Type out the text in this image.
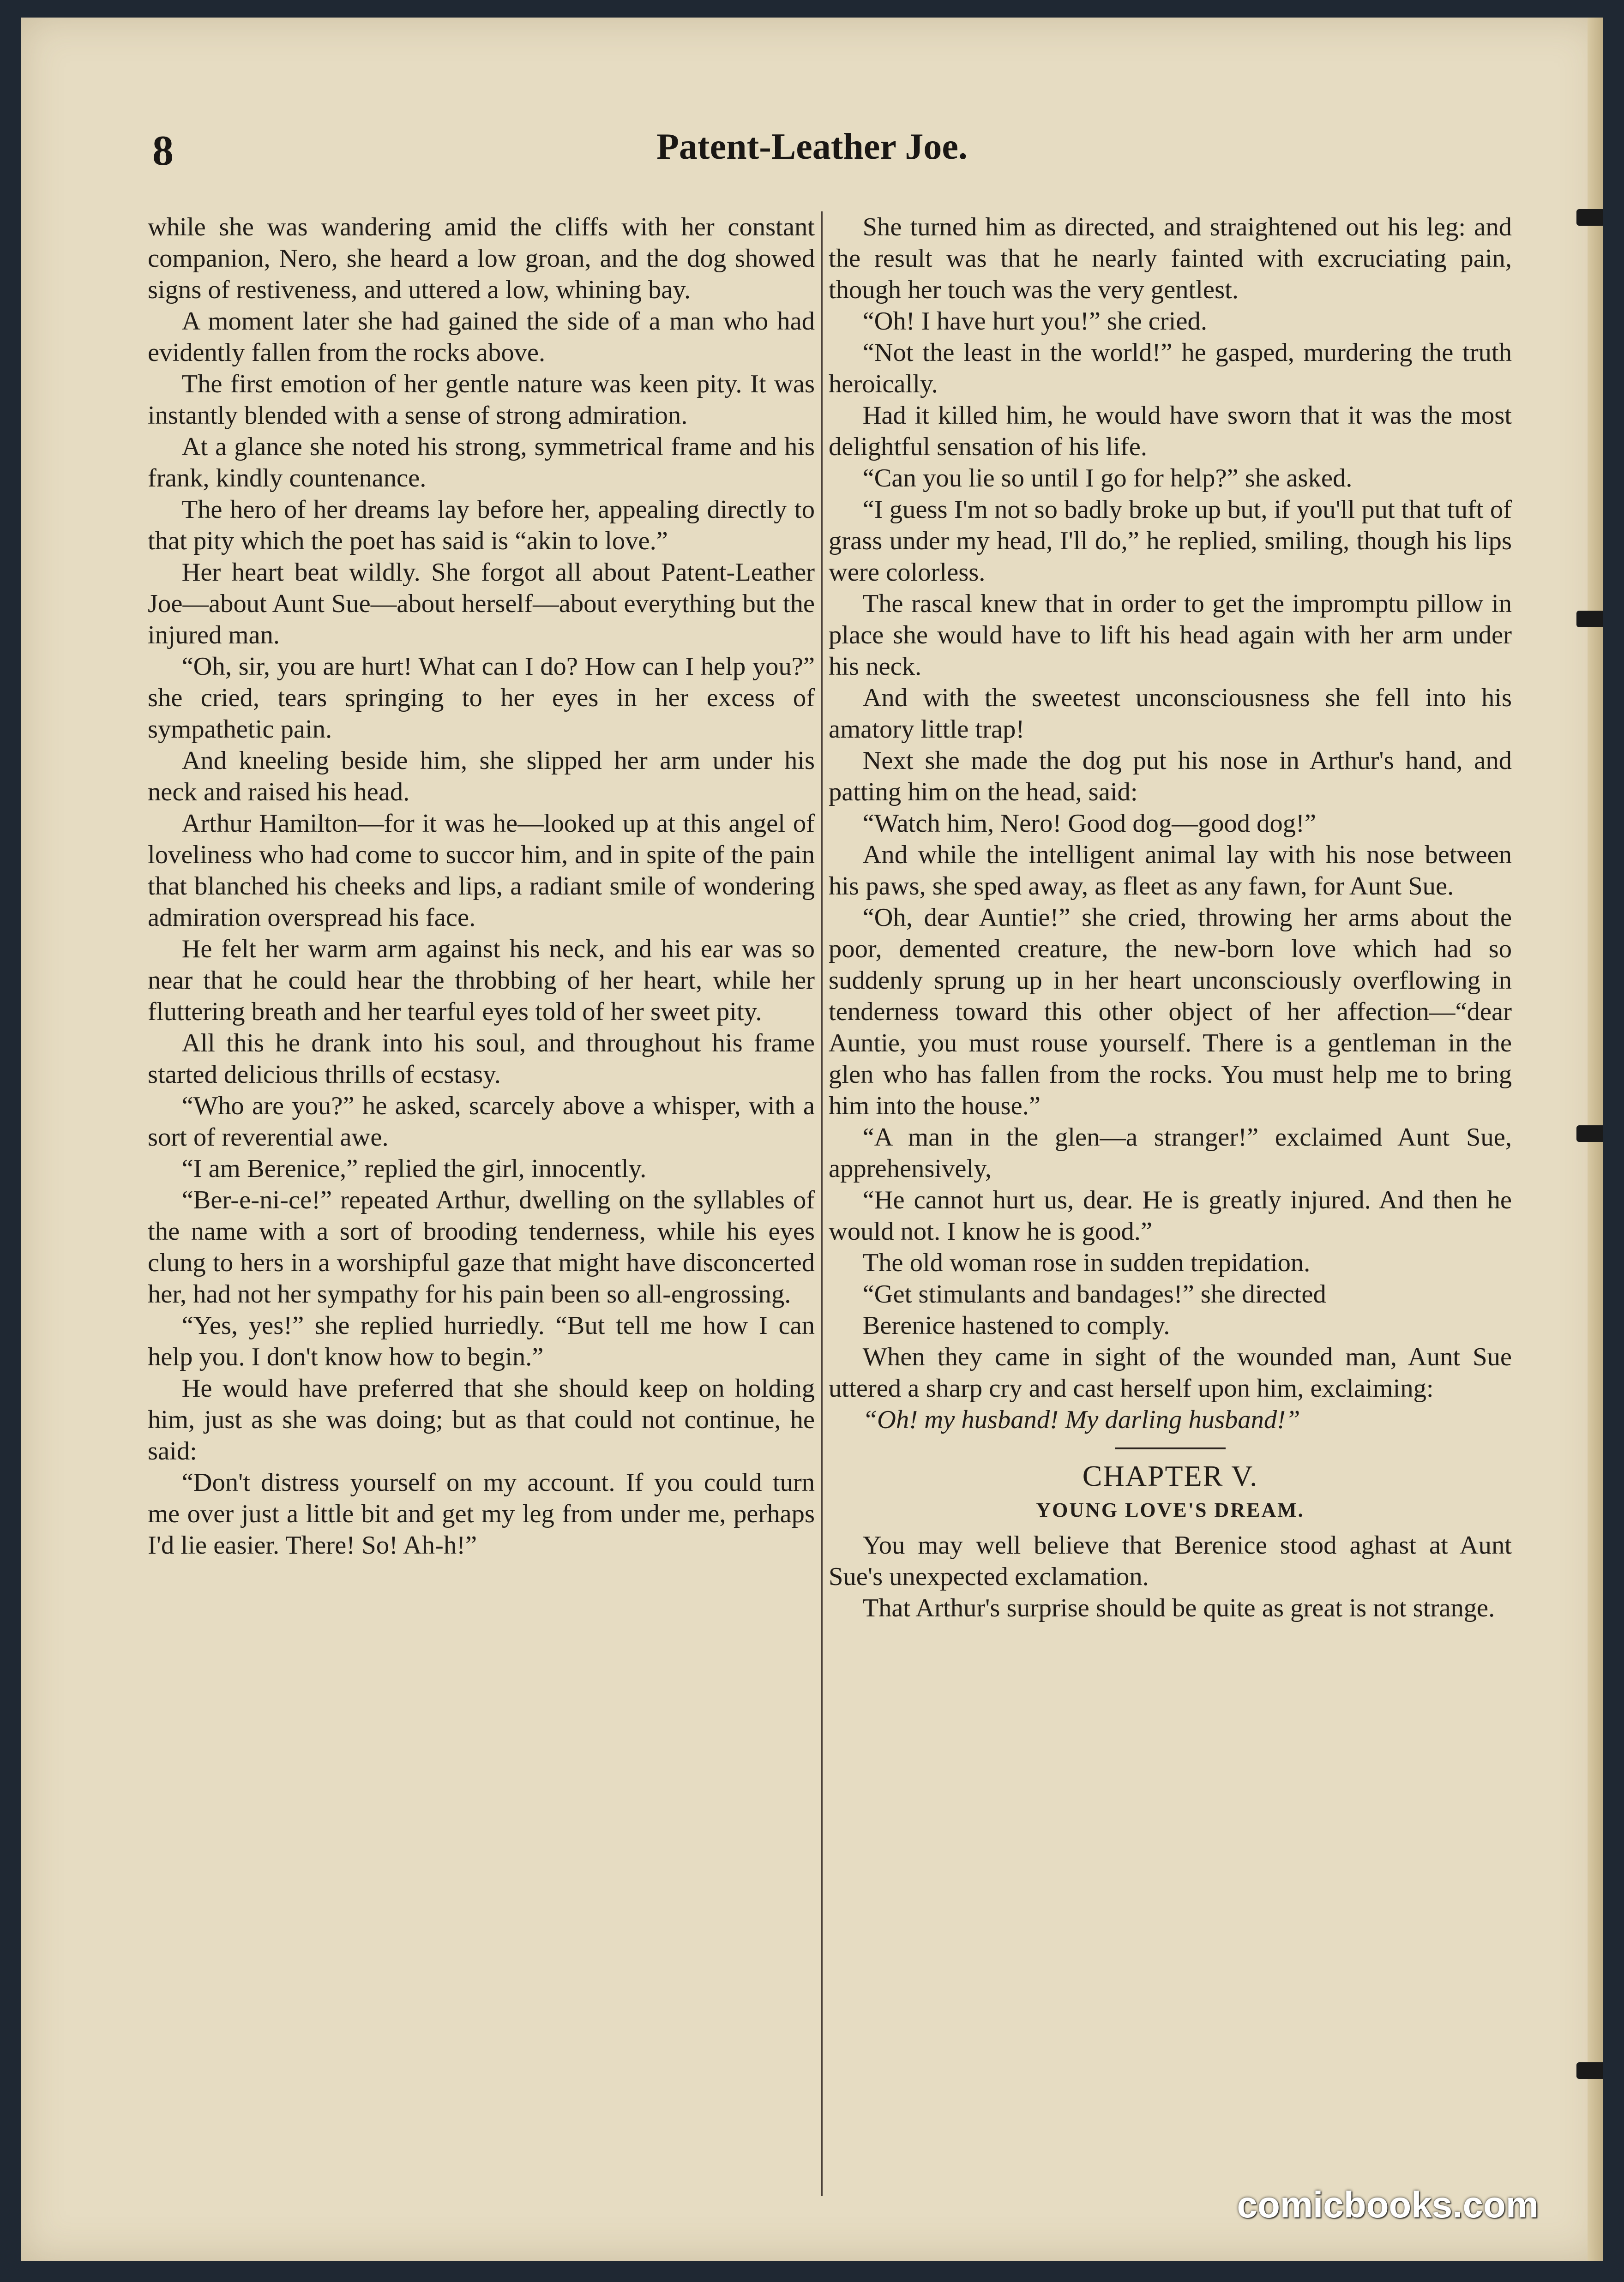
8	Patent-Leather Joe.

while she was wandering amid the cliffs with her constant companion, Nero, she heard a low groan, and the dog showed signs of restiveness, and uttered a low, whining bay.

A moment later she had gained the side of a man who had evidently fallen from the rocks above.

The first emotion of her gentle nature was keen pity. It was instantly blended with a sense of strong admiration.

At a glance she noted his strong, symmetrical frame and his frank, kindly countenance.

The hero of her dreams lay before her, appealing directly to that pity which the poet has said is “akin to love.”

Her heart beat wildly. She forgot all about Patent-Leather Joe—about Aunt Sue—about herself—about everything but the injured man.

“Oh, sir, you are hurt! What can I do? How can I help you?” she cried, tears springing to her eyes in her excess of sympathetic pain.

And kneeling beside him, she slipped her arm under his neck and raised his head.

Arthur Hamilton—for it was he—looked up at this angel of loveliness who had come to succor him, and in spite of the pain that blanched his cheeks and lips, a radiant smile of wondering admiration overspread his face.

He felt her warm arm against his neck, and his ear was so near that he could hear the throbbing of her heart, while her fluttering breath and her tearful eyes told of her sweet pity.

All this he drank into his soul, and throughout his frame started delicious thrills of ecstasy.

“Who are you?” he asked, scarcely above a whisper, with a sort of reverential awe.

“I am Berenice,” replied the girl, innocently.

“Ber-e-ni-ce!” repeated Arthur, dwelling on the syllables of the name with a sort of brooding tenderness, while his eyes clung to hers in a worshipful gaze that might have disconcerted her, had not her sympathy for his pain been so all-engrossing.

“Yes, yes!” she replied hurriedly. “But tell me how I can help you. I don't know how to begin.”

He would have preferred that she should keep on holding him, just as she was doing; but as that could not continue, he said:

“Don't distress yourself on my account. If you could turn me over just a little bit and get my leg from under me, perhaps I'd lie easier. There! So! Ah-h!”

She turned him as directed, and straightened out his leg: and the result was that he nearly fainted with excruciating pain, though her touch was the very gentlest.

“Oh! I have hurt you!” she cried.

“Not the least in the world!” he gasped, murdering the truth heroically.

Had it killed him, he would have sworn that it was the most delightful sensation of his life.

“Can you lie so until I go for help?” she asked.

“I guess I'm not so badly broke up but, if you'll put that tuft of grass under my head, I'll do,” he replied, smiling, though his lips were colorless.

The rascal knew that in order to get the impromptu pillow in place she would have to lift his head again with her arm under his neck.

And with the sweetest unconsciousness she fell into his amatory little trap!

Next she made the dog put his nose in Arthur's hand, and patting him on the head, said:

“Watch him, Nero! Good dog—good dog!”

And while the intelligent animal lay with his nose between his paws, she sped away, as fleet as any fawn, for Aunt Sue.

“Oh, dear Auntie!” she cried, throwing her arms about the poor, demented creature, the new-born love which had so suddenly sprung up in her heart unconsciously overflowing in tenderness toward this other object of her affection—“dear Auntie, you must rouse yourself. There is a gentleman in the glen who has fallen from the rocks. You must help me to bring him into the house.”

“A man in the glen—a stranger!” exclaimed Aunt Sue, apprehensively,

“He cannot hurt us, dear. He is greatly injured. And then he would not. I know he is good.”

The old woman rose in sudden trepidation.

“Get stimulants and bandages!” she directed

Berenice hastened to comply.

When they came in sight of the wounded man, Aunt Sue uttered a sharp cry and cast herself upon him, exclaiming:

“Oh! my husband! My darling husband!”

CHAPTER V.
YOUNG LOVE'S DREAM.

You may well believe that Berenice stood aghast at Aunt Sue's unexpected exclamation.

That Arthur's surprise should be quite as great is not strange.

comicbooks.com
